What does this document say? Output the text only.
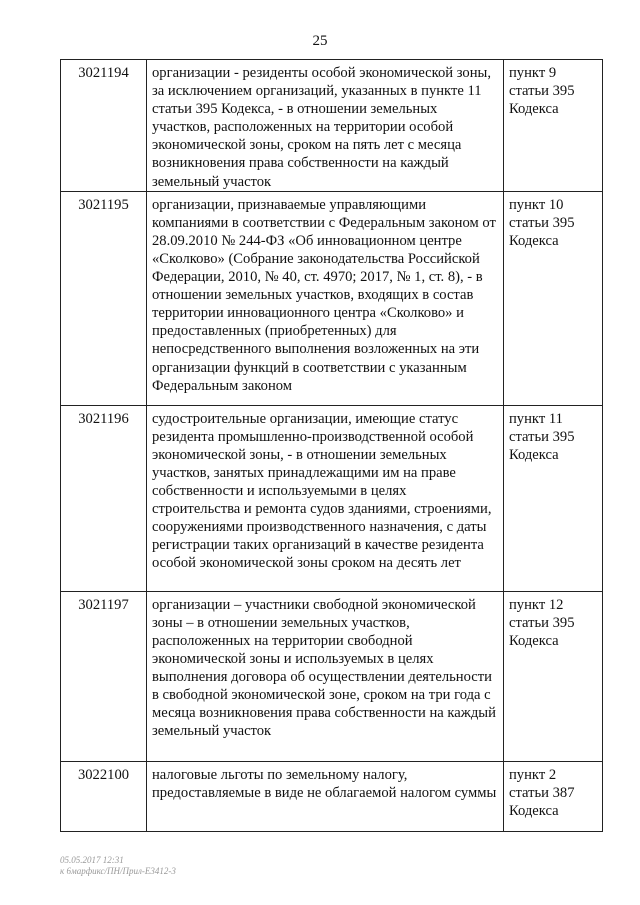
25
3021194	организации - резиденты особой экономической зоны, за исключением организаций, указанных в пункте 11 статьи 395 Кодекса, - в отношении земельных участков, расположенных на территории особой экономической зоны, сроком на пять лет с месяца возникновения права собственности на каждый земельный участок	пункт 9 статьи 395 Кодекса
3021195	организации, признаваемые управляющими компаниями в соответствии с Федеральным законом от 28.09.2010 № 244-ФЗ «Об инновационном центре «Сколково» (Собрание законодательства Российской Федерации, 2010, № 40, ст. 4970; 2017, № 1, ст. 8), - в отношении земельных участков, входящих в состав территории инновационного центра «Сколково» и предоставленных (приобретенных) для непосредственного выполнения возложенных на эти организации функций в соответствии с указанным Федеральным законом	пункт 10 статьи 395 Кодекса
3021196	судостроительные организации, имеющие статус резидента промышленно-производственной особой экономической зоны, - в отношении земельных участков, занятых принадлежащими им на праве собственности и используемыми в целях строительства и ремонта судов зданиями, строениями, сооружениями производственного назначения, с даты регистрации таких организаций в качестве резидента особой экономической зоны сроком на десять лет	пункт 11 статьи 395 Кодекса
3021197	организации – участники свободной экономической зоны – в отношении земельных участков, расположенных на территории свободной экономической зоны и используемых в целях выполнения договора об осуществлении деятельности в свободной экономической зоне, сроком на три года с месяца возникновения права собственности на каждый земельный участок	пункт 12 статьи 395 Кодекса
3022100	налоговые льготы по земельному налогу, предоставляемые в виде не облагаемой налогом суммы	пункт 2 статьи 387 Кодекса
05.05.2017 12:31
к 6марфикс/ПН/Прил-Е3412-3
